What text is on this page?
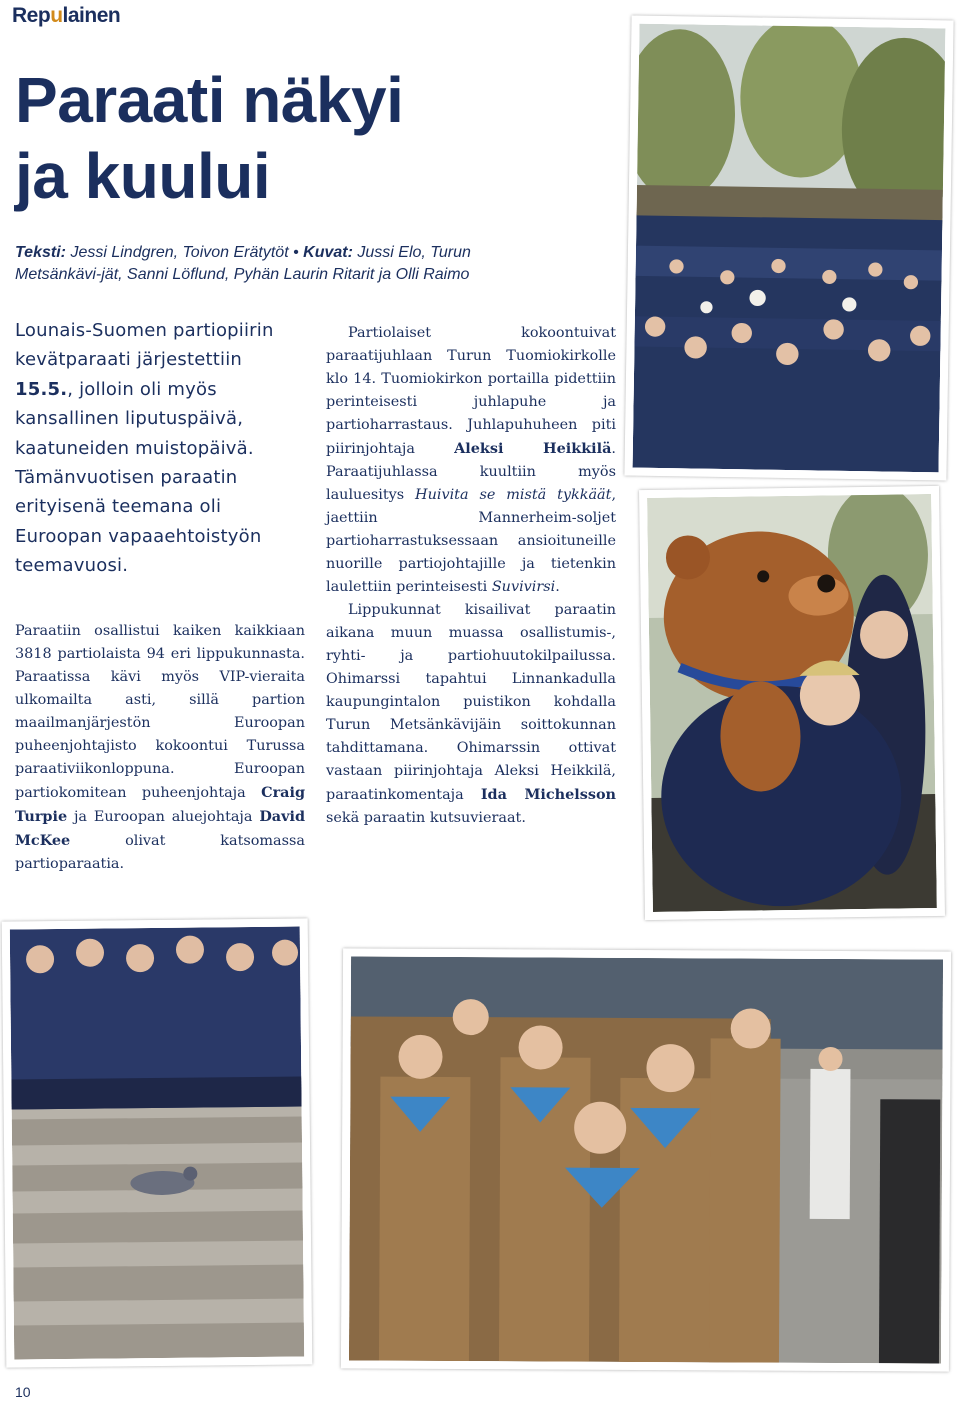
Repulainen
Paraati näkyi
ja kuului

Teksti: Jessi Lindgren, Toivon Erätytöt • Kuvat: Jussi Elo, Turun Metsänkävi-jät, Sanni Löflund, Pyhän Laurin Ritarit ja Olli Raimo

Lounais-Suomen partiopiirin kevätparaati järjestettiin 15.5., jolloin oli myös kansallinen liputuspäivä, kaatuneiden muistopäivä. Tämänvuotisen paraatin erityisenä teemana oli Euroopan vapaaehtoistyön teemavuosi.

Paraatiin osallistui kaiken kaikkiaan 3818 partiolaista 94 eri lippukunnasta. Paraatissa kävi myös VIP-vieraita ulkomailta asti, sillä partion maailmanjärjestön Euroopan puheenjohtajisto kokoontui Turussa paraativiikonloppuna. Euroopan partiokomitean puheenjohtaja Craig Turpie ja Euroopan aluejohtaja David McKee	olivat katsomassa partioparaatia.

Partiolaiset kokoontuivat paraatijuhlaan Turun Tuomiokirkolle klo 14. Tuomiokirkon portailla pidettiin perinteisesti juhlapuhe ja partioharrastaus. Juhlapuhuheen piti piirinjohtaja	Aleksi Heikkilä. Paraatijuhlassa kuultiin myös lauluesitys Huivita se mistä tykkäät, jaettiin Mannerheim-soljet partioharrastuksessaan ansioituneille nuorille partiojohtajille ja tietenkin laulettiin perinteisesti Suvivirsi.

Lippukunnat kisailivat paraatin aikana muun muassa osallistumis-, ryhti- ja partiohuutokilpailussa. Ohimarssi tapahtui Linnankadulla kaupungintalon puistikon kohdalla Turun Metsänkävijäin soittokunnan tahdittamana. Ohimarssin ottivat vastaan piirinjohtaja Aleksi Heikkilä, paraatinkomentaja Ida Michelsson sekä paraatin kutsuvieraat.

10
